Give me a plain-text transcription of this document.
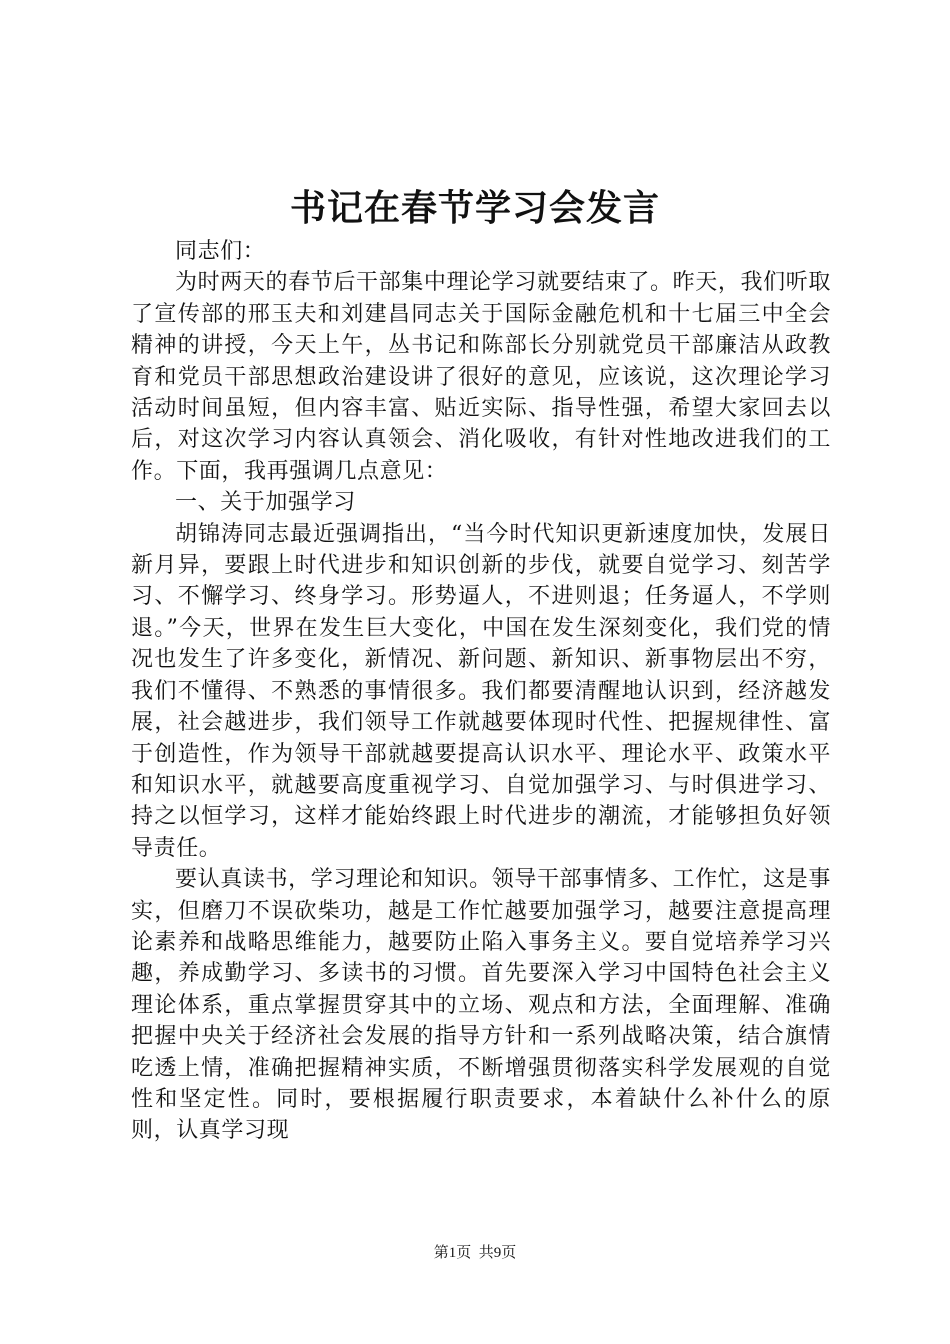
书记在春节学习会发言

同志们：

为时两天的春节后干部集中理论学习就要结束了。昨天，我们听取了宣传部的邢玉夫和刘建昌同志关于国际金融危机和十七届三中全会精神的讲授，今天上午，丛书记和陈部长分别就党员干部廉洁从政教育和党员干部思想政治建设讲了很好的意见，应该说，这次理论学习活动时间虽短，但内容丰富、贴近实际、指导性强，希望大家回去以后，对这次学习内容认真领会、消化吸收，有针对性地改进我们的工作。下面，我再强调几点意见：

一、关于加强学习

胡锦涛同志最近强调指出，“当今时代知识更新速度加快，发展日新月异，要跟上时代进步和知识创新的步伐，就要自觉学习、刻苦学习、不懈学习、终身学习。形势逼人，不进则退；任务逼人，不学则退。”今天，世界在发生巨大变化，中国在发生深刻变化，我们党的情况也发生了许多变化，新情况、新问题、新知识、新事物层出不穷，我们不懂得、不熟悉的事情很多。我们都要清醒地认识到，经济越发展，社会越进步，我们领导工作就越要体现时代性、把握规律性、富于创造性，作为领导干部就越要提高认识水平、理论水平、政策水平和知识水平，就越要高度重视学习、自觉加强学习、与时俱进学习、持之以恒学习，这样才能始终跟上时代进步的潮流，才能够担负好领导责任。

要认真读书，学习理论和知识。领导干部事情多、工作忙，这是事实，但磨刀不误砍柴功，越是工作忙越要加强学习，越要注意提高理论素养和战略思维能力，越要防止陷入事务主义。要自觉培养学习兴趣，养成勤学习、多读书的习惯。首先要深入学习中国特色社会主义理论体系，重点掌握贯穿其中的立场、观点和方法，全面理解、准确把握中央关于经济社会发展的指导方针和一系列战略决策，结合旗情吃透上情，准确把握精神实质，不断增强贯彻落实科学发展观的自觉性和坚定性。同时，要根据履行职责要求，本着缺什么补什么的原则，认真学习现

第1页  共9页
